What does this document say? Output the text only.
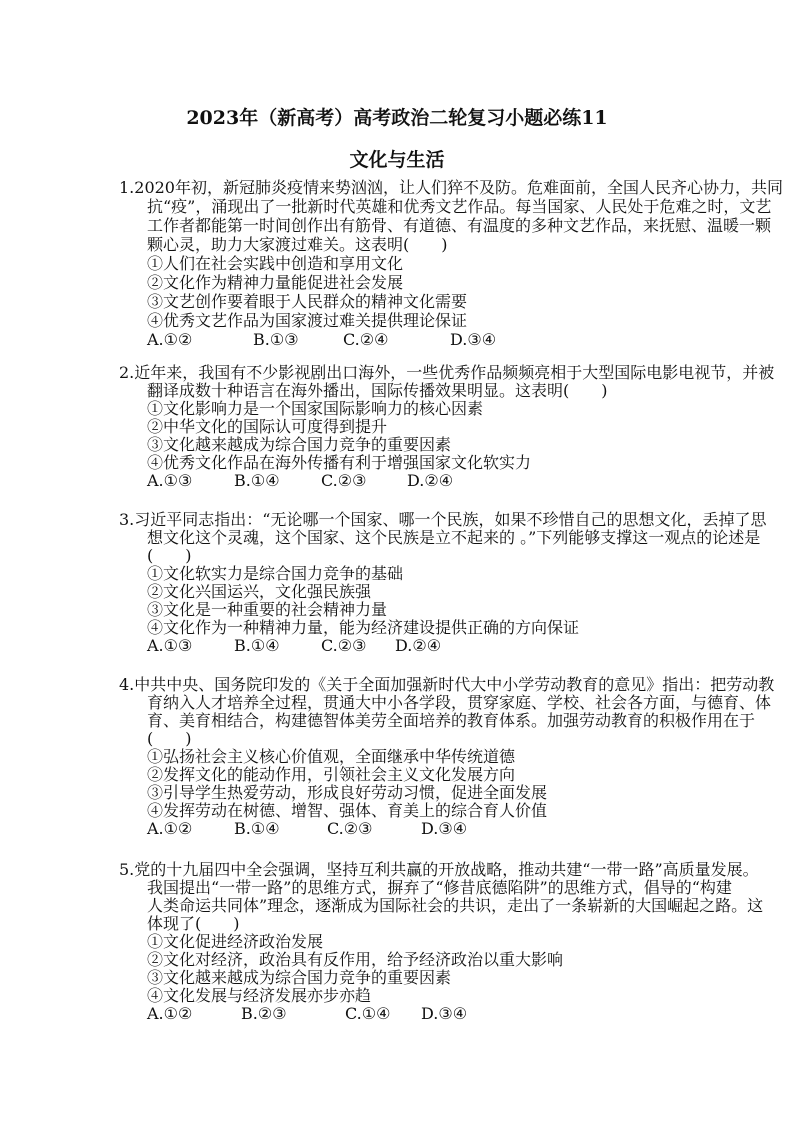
2023年（新高考）高考政治二轮复习小题必练11
文化与生活
1.2020年初，新冠肺炎疫情来势汹汹，让人们猝不及防。危难面前，全国人民齐心协力，共同
抗“疫”，涌现出了一批新时代英雄和优秀文艺作品。每当国家、人民处于危难之时，文艺
工作者都能第一时间创作出有筋骨、有道德、有温度的多种文艺作品，来抚慰、温暖一颗
颗心灵，助力大家渡过难关。这表明(　　)
①人们在社会实践中创造和享用文化
②文化作为精神力量能促进社会发展
③文艺创作要着眼于人民群众的精神文化需要
④优秀文艺作品为国家渡过难关提供理论保证
A.①②	B.①③	C.②④	D.③④
2.近年来，我国有不少影视剧出口海外，一些优秀作品频频亮相于大型国际电影电视节，并被
翻译成数十种语言在海外播出，国际传播效果明显。这表明(　　)
①文化影响力是一个国家国际影响力的核心因素
②中华文化的国际认可度得到提升
③文化越来越成为综合国力竞争的重要因素
④优秀文化作品在海外传播有利于增强国家文化软实力
A.①③	B.①④	C.②③	D.②④
3.习近平同志指出：“无论哪一个国家、哪一个民族，如果不珍惜自己的思想文化，丢掉了思
想文化这个灵魂，这个国家、这个民族是立不起来的 。”下列能够支撑这一观点的论述是
(　　)
①文化软实力是综合国力竞争的基础
②文化兴国运兴，文化强民族强
③文化是一种重要的社会精神力量
④文化作为一种精神力量，能为经济建设提供正确的方向保证
A.①③	B.①④	C.②③ D.②④
4.中共中央、国务院印发的《关于全面加强新时代大中小学劳动教育的意见》指出：把劳动教
育纳入人才培养全过程，贯通大中小各学段，贯穿家庭、学校、社会各方面，与德育、体
育、美育相结合，构建德智体美劳全面培养的教育体系。加强劳动教育的积极作用在于
(　　)
①弘扬社会主义核心价值观，全面继承中华传统道德
②发挥文化的能动作用，引领社会主义文化发展方向
③引导学生热爱劳动，形成良好劳动习惯，促进全面发展
④发挥劳动在树德、增智、强体、育美上的综合育人价值
A.①②	B.①④	C.②③	D.③④
5.党的十九届四中全会强调，坚持互利共赢的开放战略，推动共建“一带一路”高质量发展。
我国提出“一带一路”的思维方式，摒弃了“修昔底德陷阱”的思维方式，倡导的“构建
人类命运共同体”理念，逐渐成为国际社会的共识，走出了一条崭新的大国崛起之路。这
体现了(　　)
①文化促进经济政治发展
②文化对经济，政治具有反作用，给予经济政治以重大影响
③文化越来越成为综合国力竞争的重要因素
④文化发展与经济发展亦步亦趋
A.①②	B.②③	C.①④ D.③④
